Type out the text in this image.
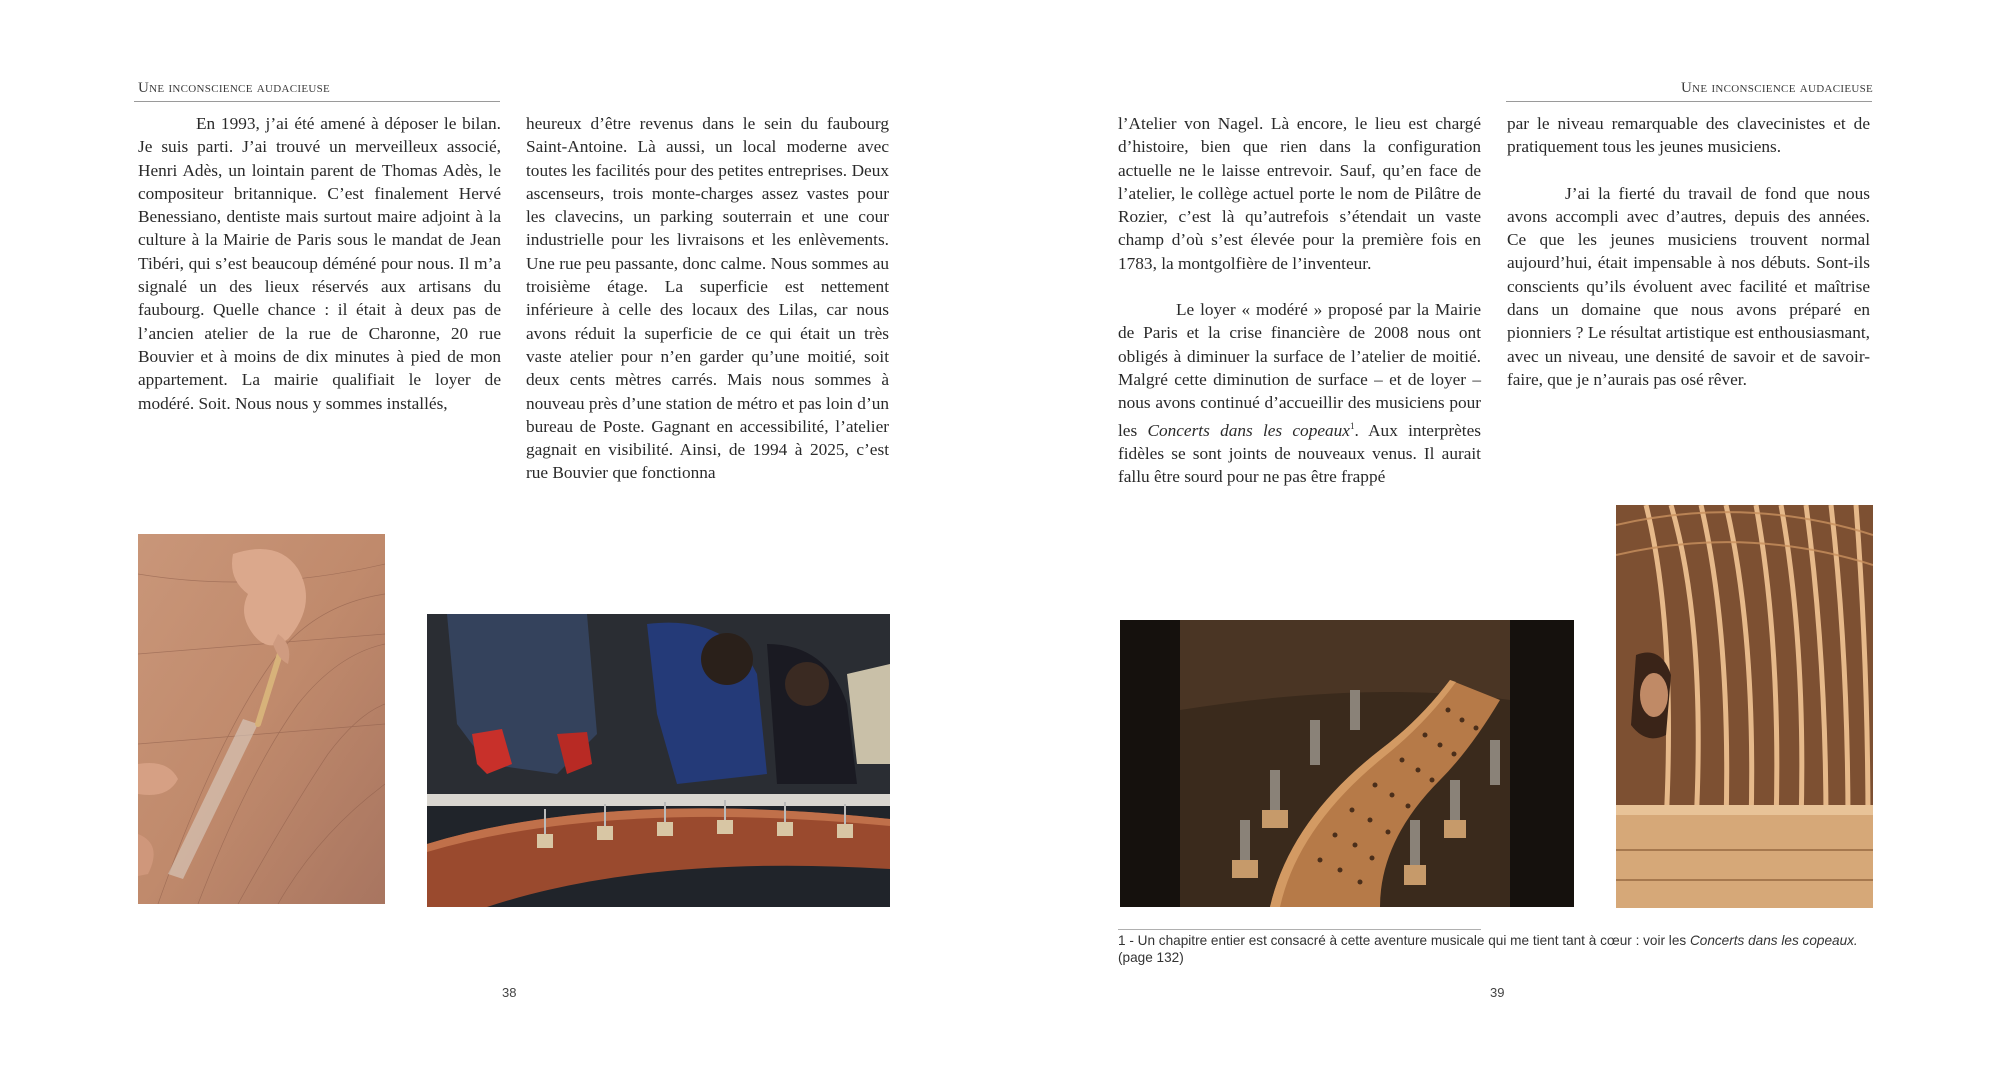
Une inconscience audacieuse

En 1993, j’ai été amené à déposer le bilan. Je suis parti. J’ai trouvé un merveilleux associé, Henri Adès, un lointain parent de Thomas Adès, le compositeur britannique. C’est finalement Hervé Benessiano, dentiste mais surtout maire adjoint à la culture à la Mairie de Paris sous le mandat de Jean Tibéri, qui s’est beaucoup déméné pour nous. Il m’a signalé un des lieux réservés aux artisans du faubourg. Quelle chance : il était à deux pas de l’ancien atelier de la rue de Charonne, 20 rue Bouvier et à moins de dix minutes à pied de mon appartement. La mairie qualifiait le loyer de modéré. Soit. Nous nous y sommes installés,

heureux d’être revenus dans le sein du faubourg Saint-Antoine. Là aussi, un local moderne avec toutes les facilités pour des petites entreprises. Deux ascenseurs, trois monte-charges assez vastes pour les clavecins, un parking souterrain et une cour industrielle pour les livraisons et les enlèvements. Une rue peu passante, donc calme. Nous sommes au troisième étage. La superficie est nettement inférieure à celle des locaux des Lilas, car nous avons réduit la superficie de ce qui était un très vaste atelier pour n’en garder qu’une moitié, soit deux cents mètres carrés. Mais nous sommes à nouveau près d’une station de métro et pas loin d’un bureau de Poste. Gagnant en accessibilité, l’atelier gagnait en visibilité. Ainsi, de 1994 à 2025, c’est rue Bouvier que fonctionna

38
Une inconscience audacieuse

l’Atelier von Nagel. Là encore, le lieu est chargé d’histoire, bien que rien dans la configuration actuelle ne le laisse entrevoir. Sauf, qu’en face de l’atelier, le collège actuel porte le nom de Pilâtre de Rozier, c’est là qu’autrefois s’étendait un vaste champ d’où s’est élevée pour la première fois en 1783, la montgolfière de l’inventeur.

Le loyer « modéré » proposé par la Mairie de Paris et la crise financière de 2008 nous ont obligés à diminuer la surface de l’atelier de moitié. Malgré cette diminution de surface – et de loyer – nous avons continué d’accueillir des musiciens pour les Concerts dans les copeaux$^1$. Aux interprètes fidèles se sont joints de nouveaux venus. Il aurait fallu être sourd pour ne pas être frappé

par le niveau remarquable des clavecinistes et de pratiquement tous les jeunes musiciens.

J’ai la fierté du travail de fond que nous avons accompli avec d’autres, depuis des années. Ce que les jeunes musiciens trouvent normal aujourd’hui, était impensable à nos débuts. Sont-ils conscients qu’ils évoluent avec facilité et maîtrise dans un domaine que nous avons préparé en pionniers ? Le résultat artistique est enthousiasmant, avec un niveau, une densité de savoir et de savoir-faire, que je n’aurais pas osé rêver.

1 - Un chapitre entier est consacré à cette aventure musicale qui me tient tant à cœur : voir les Concerts dans les copeaux. (page 132)
39
